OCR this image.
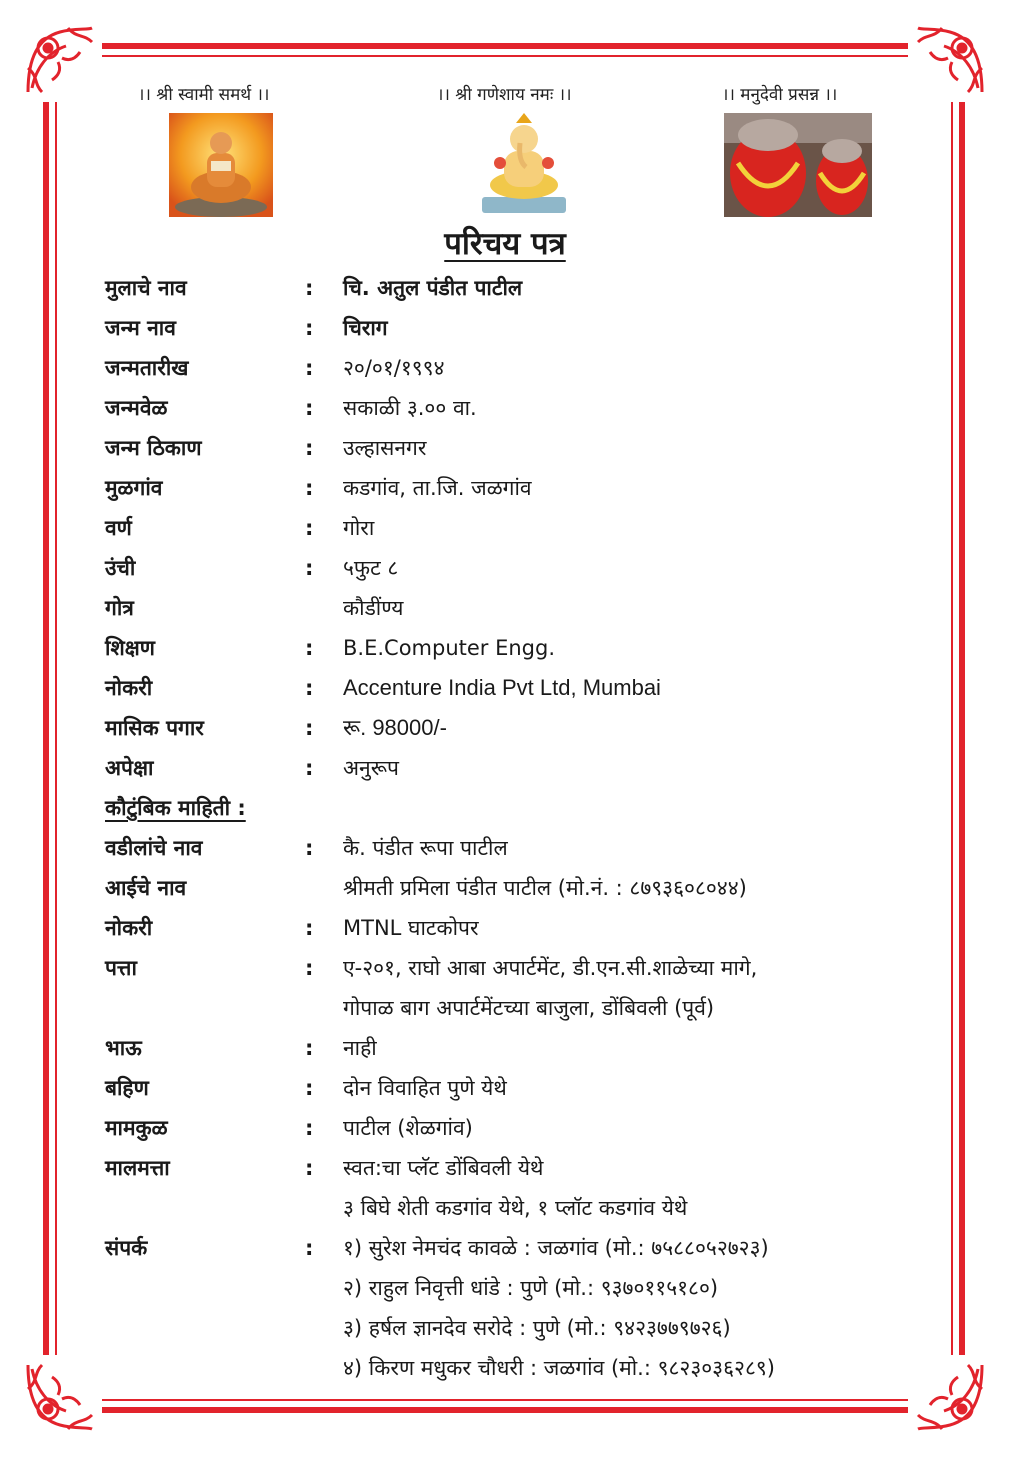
।। श्री स्वामी समर्थ ।।	।। श्री गणेशाय नमः ।।	।। मनुदेवी प्रसन्न ।।
परिचय पत्र
मुलाचे नाव	: चि. अतुल पंडीत पाटील
जन्म नाव	: चिराग
जन्मतारीख	: २०/०१/१९९४
जन्मवेळ	: सकाळी ३.०० वा.
जन्म ठिकाण	: उल्हासनगर
मुळगांव	: कडगांव, ता.जि. जळगांव
वर्ण	: गोरा
उंची	: ५फुट ८
गोत्र	कौडींण्य
शिक्षण	: B.E.Computer Engg.
नोकरी	: Accenture India Pvt Ltd, Mumbai
मासिक पगार	: रू. 98000/-
अपेक्षा	: अनुरूप
कौटुंबिक माहिती :
वडीलांचे नाव	: कै. पंडीत रूपा पाटील
आईचे नाव	श्रीमती प्रमिला पंडीत पाटील (मो.नं. : ८७९३६०८०४४)
नोकरी	: MTNL घाटकोपर
पत्ता	: ए-२०१, राघो आबा अपार्टमेंट, डी.एन.सी.शाळेच्या मागे,
गोपाळ बाग अपार्टमेंटच्या बाजुला, डोंबिवली (पूर्व)
भाऊ	: नाही
बहिण	: दोन विवाहित पुणे येथे
मामकुळ	: पाटील (शेळगांव)
मालमत्ता	: स्वत:चा प्लॅट डोंबिवली येथे
३ बिघे शेती कडगांव येथे, १ प्लॉट कडगांव येथे
संपर्क	: १) सुरेश नेमचंद कावळे : जळगांव (मो.: ७५८८०५२७२३)
२) राहुल निवृत्ती धांडे : पुणे (मो.: ९३७०११५१८०)
३) हर्षल ज्ञानदेव सरोदे : पुणे (मो.: ९४२३७७९७२६)
४) किरण मधुकर चौधरी : जळगांव (मो.: ९८२३०३६२८९)
